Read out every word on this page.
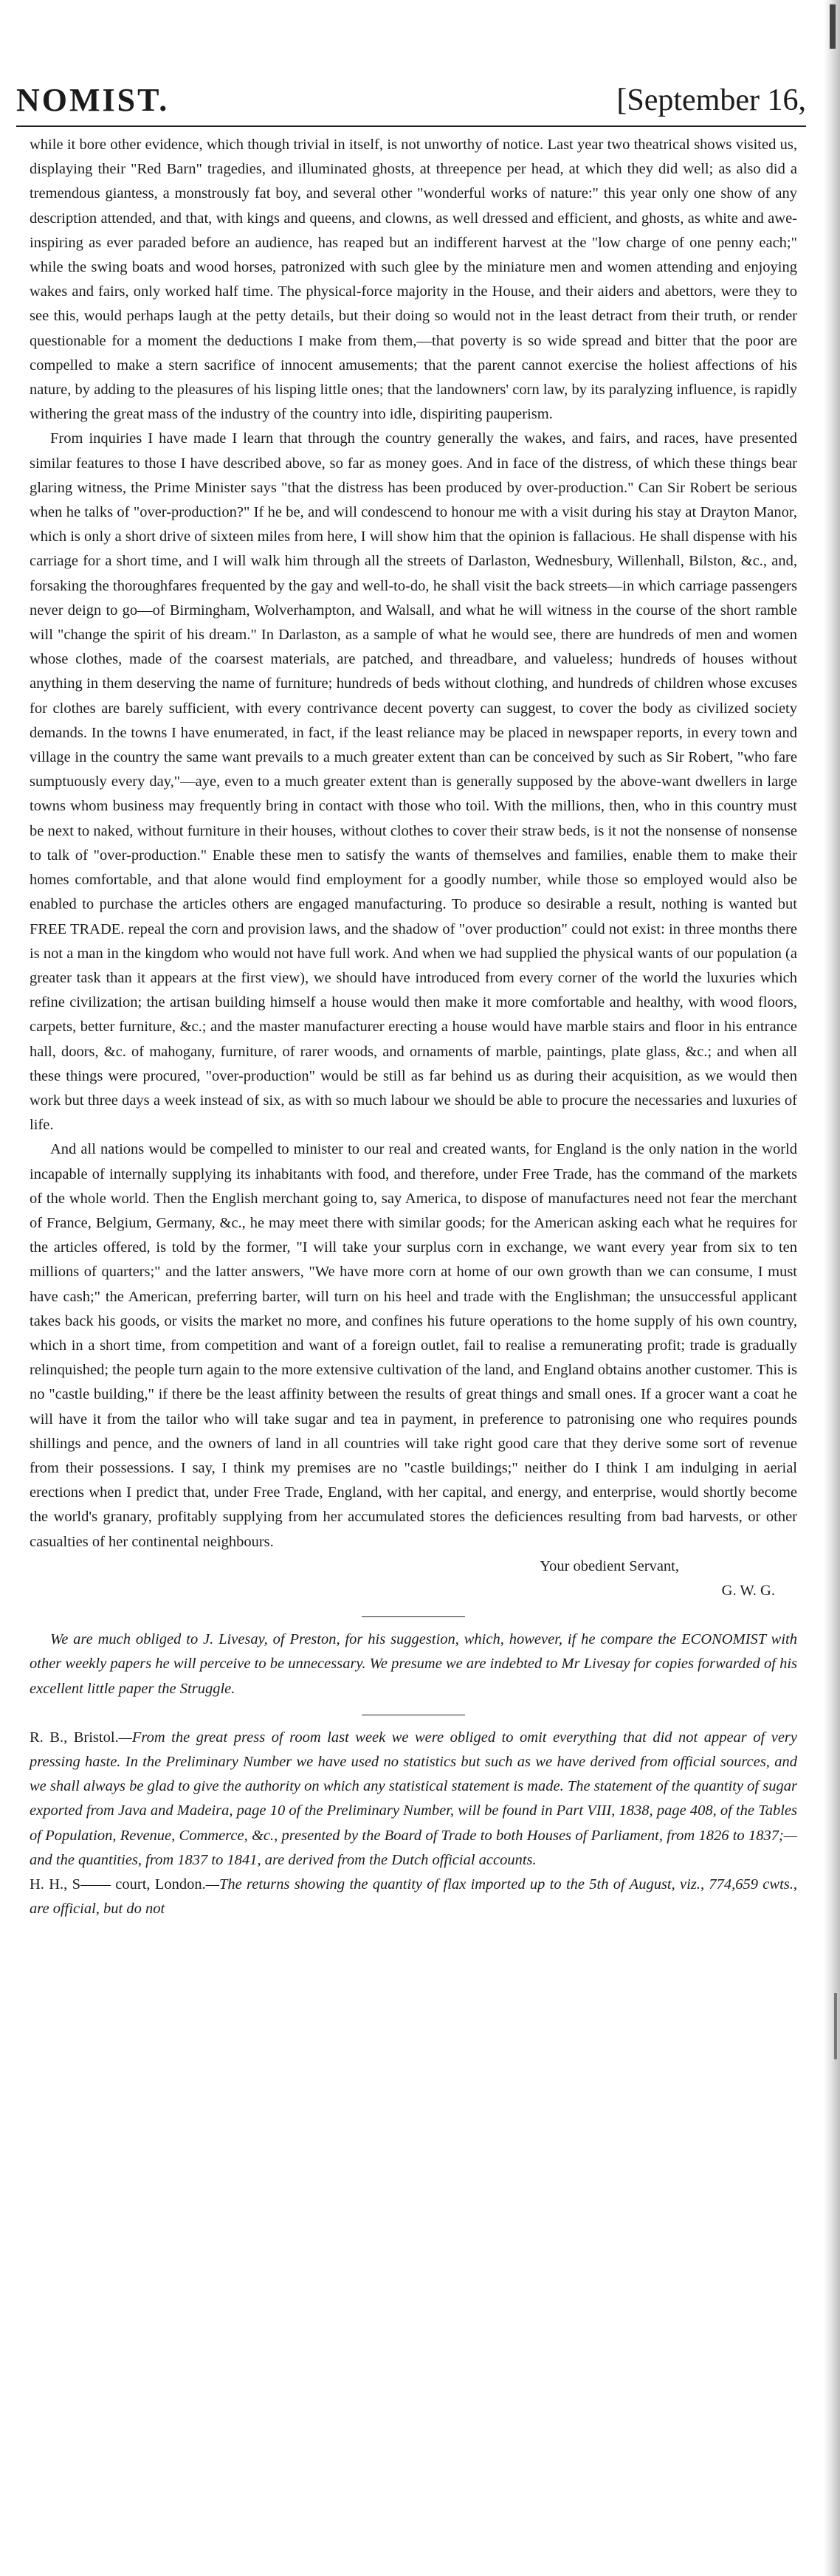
NOMIST.	[September 16,

while it bore other evidence, which though trivial in itself, is not unworthy of notice. Last year two theatrical shows visited us, displaying their "Red Barn" tragedies, and illuminated ghosts, at threepence per head, at which they did well; as also did a tremendous giantess, a monstrously fat boy, and several other "wonderful works of nature:" this year only one show of any description attended, and that, with kings and queens, and clowns, as well dressed and efficient, and ghosts, as white and awe-inspiring as ever paraded before an audience, has reaped but an indifferent harvest at the "low charge of one penny each;" while the swing boats and wood horses, patronized with such glee by the miniature men and women attending and enjoying wakes and fairs, only worked half time. The physical-force majority in the House, and their aiders and abettors, were they to see this, would perhaps laugh at the petty details, but their doing so would not in the least detract from their truth, or render questionable for a moment the deductions I make from them,—that poverty is so wide spread and bitter that the poor are compelled to make a stern sacrifice of innocent amusements; that the parent cannot exercise the holiest affections of his nature, by adding to the pleasures of his lisping little ones; that the landowners' corn law, by its paralyzing influence, is rapidly withering the great mass of the industry of the country into idle, dispiriting pauperism.

From inquiries I have made I learn that through the country generally the wakes, and fairs, and races, have presented similar features to those I have described above, so far as money goes. And in face of the distress, of which these things bear glaring witness, the Prime Minister says "that the distress has been produced by over-production." Can Sir Robert be serious when he talks of "over-production?" If he be, and will condescend to honour me with a visit during his stay at Drayton Manor, which is only a short drive of sixteen miles from here, I will show him that the opinion is fallacious. He shall dispense with his carriage for a short time, and I will walk him through all the streets of Darlaston, Wednesbury, Willenhall, Bilston, &c., and, forsaking the thoroughfares frequented by the gay and well-to-do, he shall visit the back streets—in which carriage passengers never deign to go—of Birmingham, Wolverhampton, and Walsall, and what he will witness in the course of the short ramble will "change the spirit of his dream." In Darlaston, as a sample of what he would see, there are hundreds of men and women whose clothes, made of the coarsest materials, are patched, and threadbare, and valueless; hundreds of houses without anything in them deserving the name of furniture; hundreds of beds without clothing, and hundreds of children whose excuses for clothes are barely sufficient, with every contrivance decent poverty can suggest, to cover the body as civilized society demands. In the towns I have enumerated, in fact, if the least reliance may be placed in newspaper reports, in every town and village in the country the same want prevails to a much greater extent than can be conceived by such as Sir Robert, "who fare sumptuously every day,"—aye, even to a much greater extent than is generally supposed by the above-want dwellers in large towns whom business may frequently bring in contact with those who toil. With the millions, then, who in this country must be next to naked, without furniture in their houses, without clothes to cover their straw beds, is it not the nonsense of nonsense to talk of "over-production." Enable these men to satisfy the wants of themselves and families, enable them to make their homes comfortable, and that alone would find employment for a goodly number, while those so employed would also be enabled to purchase the articles others are engaged manufacturing. To produce so desirable a result, nothing is wanted but FREE TRADE. repeal the corn and provision laws, and the shadow of "over production" could not exist: in three months there is not a man in the kingdom who would not have full work. And when we had supplied the physical wants of our population (a greater task than it appears at the first view), we should have introduced from every corner of the world the luxuries which refine civilization; the artisan building himself a house would then make it more comfortable and healthy, with wood floors, carpets, better furniture, &c.; and the master manufacturer erecting a house would have marble stairs and floor in his entrance hall, doors, &c. of mahogany, furniture, of rarer woods, and ornaments of marble, paintings, plate glass, &c.; and when all these things were procured, "over-production" would be still as far behind us as during their acquisition, as we would then work but three days a week instead of six, as with so much labour we should be able to procure the necessaries and luxuries of life.

And all nations would be compelled to minister to our real and created wants, for England is the only nation in the world incapable of internally supplying its inhabitants with food, and therefore, under Free Trade, has the command of the markets of the whole world. Then the English merchant going to, say America, to dispose of manufactures need not fear the merchant of France, Belgium, Germany, &c., he may meet there with similar goods; for the American asking each what he requires for the articles offered, is told by the former, "I will take your surplus corn in exchange, we want every year from six to ten millions of quarters;" and the latter answers, "We have more corn at home of our own growth than we can consume, I must have cash;" the American, preferring barter, will turn on his heel and trade with the Englishman; the unsuccessful applicant takes back his goods, or visits the market no more, and confines his future operations to the home supply of his own country, which in a short time, from competition and want of a foreign outlet, fail to realise a remunerating profit; trade is gradually relinquished; the people turn again to the more extensive cultivation of the land, and England obtains another customer. This is no "castle building," if there be the least affinity between the results of great things and small ones. If a grocer want a coat he will have it from the tailor who will take sugar and tea in payment, in preference to patronising one who requires pounds shillings and pence, and the owners of land in all countries will take right good care that they derive some sort of revenue from their possessions. I say, I think my premises are no "castle buildings;" neither do I think I am indulging in aerial erections when I predict that, under Free Trade, England, with her capital, and energy, and enterprise, would shortly become the world's granary, profitably supplying from her accumulated stores the deficiences resulting from bad harvests, or other casualties of her continental neighbours.

Your obedient Servant,

G. W. G.

We are much obliged to J. Livesay, of Preston, for his suggestion, which, however, if he compare the ECONOMIST with other weekly papers he will perceive to be unnecessary. We presume we are indebted to Mr Livesay for copies forwarded of his excellent little paper the Struggle.

R. B., Bristol.—From the great press of room last week we were obliged to omit everything that did not appear of very pressing haste. In the Preliminary Number we have used no statistics but such as we have derived from official sources, and we shall always be glad to give the authority on which any statistical statement is made. The statement of the quantity of sugar exported from Java and Madeira, page 10 of the Preliminary Number, will be found in Part VIII, 1838, page 408, of the Tables of Population, Revenue, Commerce, &c., presented by the Board of Trade to both Houses of Parliament, from 1826 to 1837;—and the quantities, from 1837 to 1841, are derived from the Dutch official accounts.

H. H., S—— court, London.—The returns showing the quantity of flax imported up to the 5th of August, viz., 774,659 cwts., are official, but do not
